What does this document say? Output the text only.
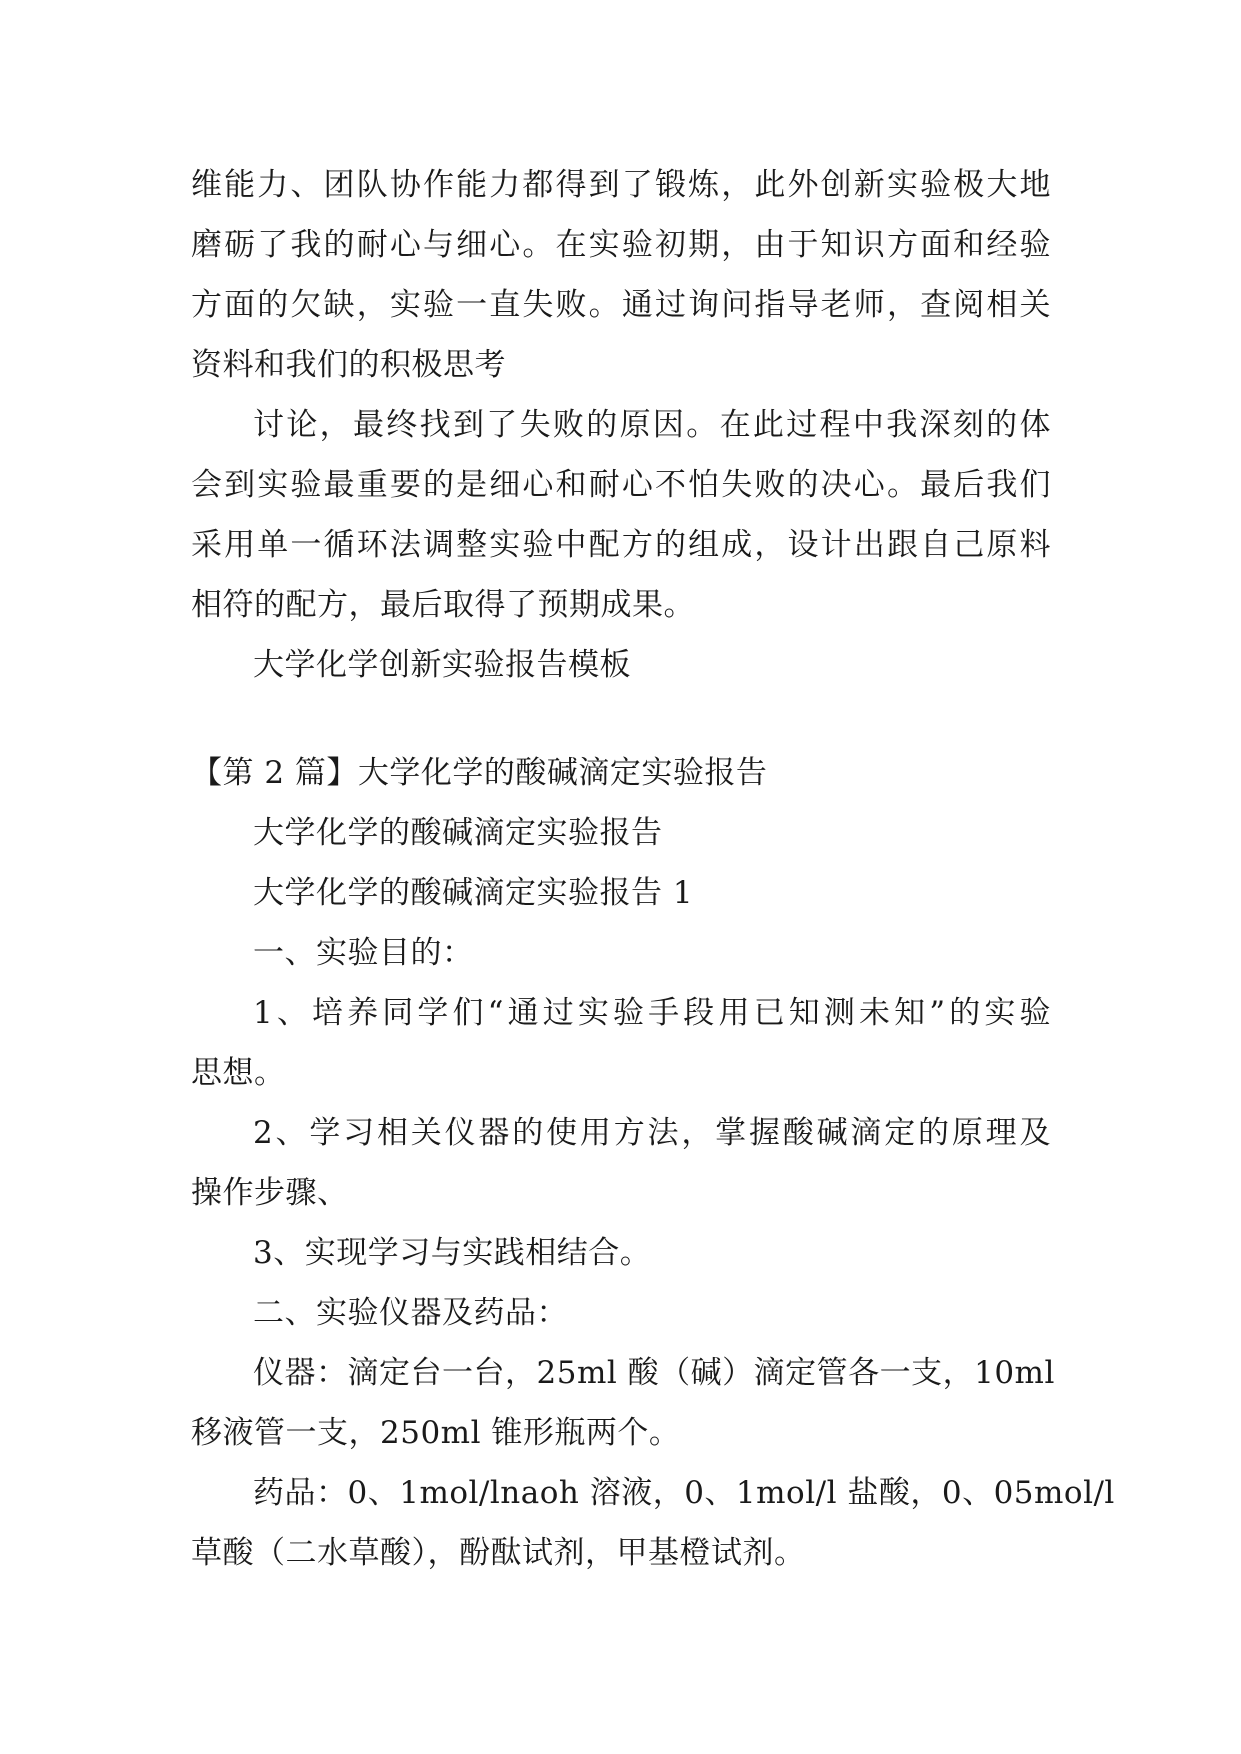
维能力、团队协作能力都得到了锻炼，此外创新实验极大地
磨砺了我的耐心与细心。在实验初期，由于知识方面和经验
方面的欠缺，实验一直失败。通过询问指导老师，查阅相关
资料和我们的积极思考
讨论，最终找到了失败的原因。在此过程中我深刻的体
会到实验最重要的是细心和耐心不怕失败的决心。最后我们
采用单一循环法调整实验中配方的组成，设计出跟自己原料
相符的配方，最后取得了预期成果。
大学化学创新实验报告模板
【第 2 篇】大学化学的酸碱滴定实验报告
大学化学的酸碱滴定实验报告
大学化学的酸碱滴定实验报告 1
一、实验目的：
1、培养同学们“通过实验手段用已知测未知”的实验
思想。
2、学习相关仪器的使用方法，掌握酸碱滴定的原理及
操作步骤、
3、实现学习与实践相结合。
二、实验仪器及药品：
仪器：滴定台一台，25ml 酸（碱）滴定管各一支，10ml
移液管一支，250ml 锥形瓶两个。
药品：0、1mol/lnaoh 溶液，0、1mol/l 盐酸，0、05mol/l
草酸（二水草酸），酚酞试剂，甲基橙试剂。
